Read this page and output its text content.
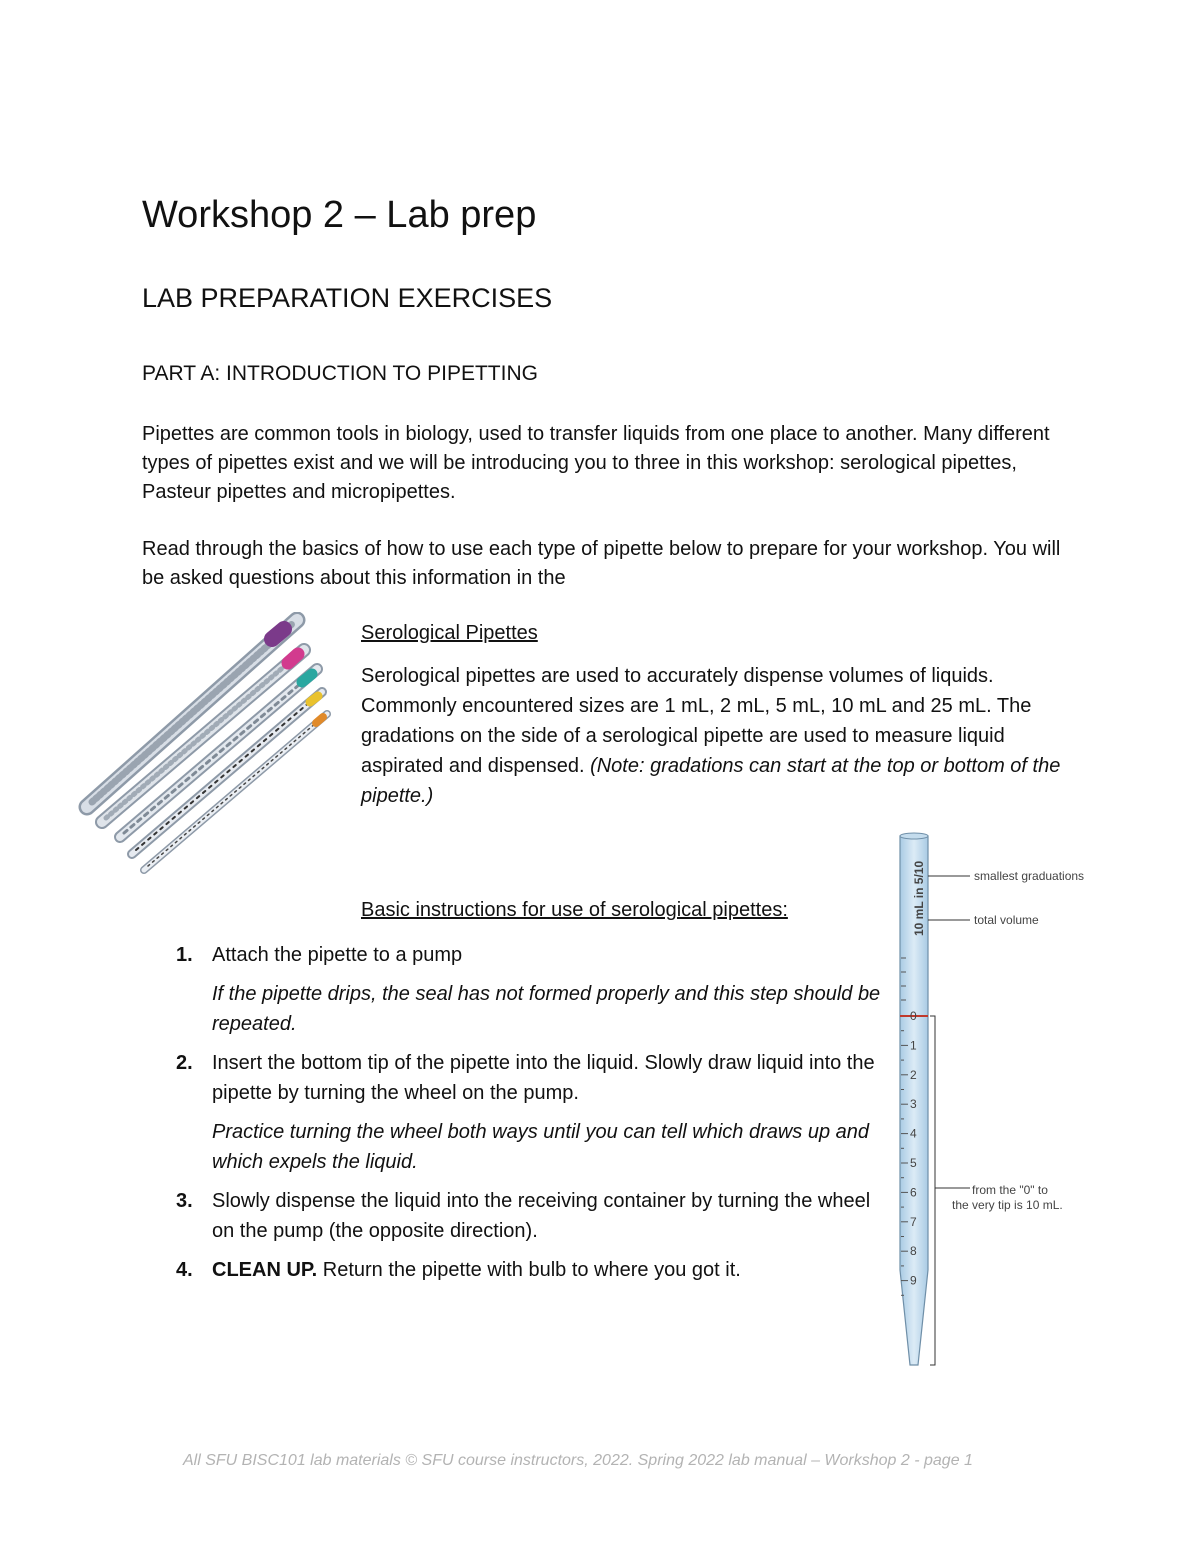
Workshop 2 – Lab prep
LAB PREPARATION EXERCISES
PART A: INTRODUCTION TO PIPETTING

Pipettes are common tools in biology, used to transfer liquids from one place to another. Many different types of pipettes exist and we will be introducing you to three in this workshop: serological pipettes, Pasteur pipettes and micropipettes.

Read through the basics of how to use each type of pipette below to prepare for your workshop. You will be asked questions about this information in the

Serological Pipettes

Serological pipettes are used to accurately dispense volumes of liquids. Commonly encountered sizes are 1 mL, 2 mL, 5 mL, 10 mL and 25 mL. The gradations on the side of a serological pipette are used to measure liquid aspirated and dispensed. (Note: gradations can start at the top or bottom of the pipette.)

Basic instructions for use of serological pipettes:
1. Attach the pipette to a pump
If the pipette drips, the seal has not formed properly and this step should be repeated.
2. Insert the bottom tip of the pipette into the liquid. Slowly draw liquid into the pipette by turning the wheel on the pump.
Practice turning the wheel both ways until you can tell which draws up and which expels the liquid.
3. Slowly dispense the liquid into the receiving container by turning the wheel on the pump (the opposite direction).
4. CLEAN UP. Return the pipette with bulb to where you got it.
10 mL in 5/10
0
1
2
3
4
5
6
7
8
9
smallest graduations
total volume
from the "0" to
the very tip is 10 mL.

All SFU BISC101 lab materials © SFU course instructors, 2022. Spring 2022 lab manual – Workshop 2 - page 1
